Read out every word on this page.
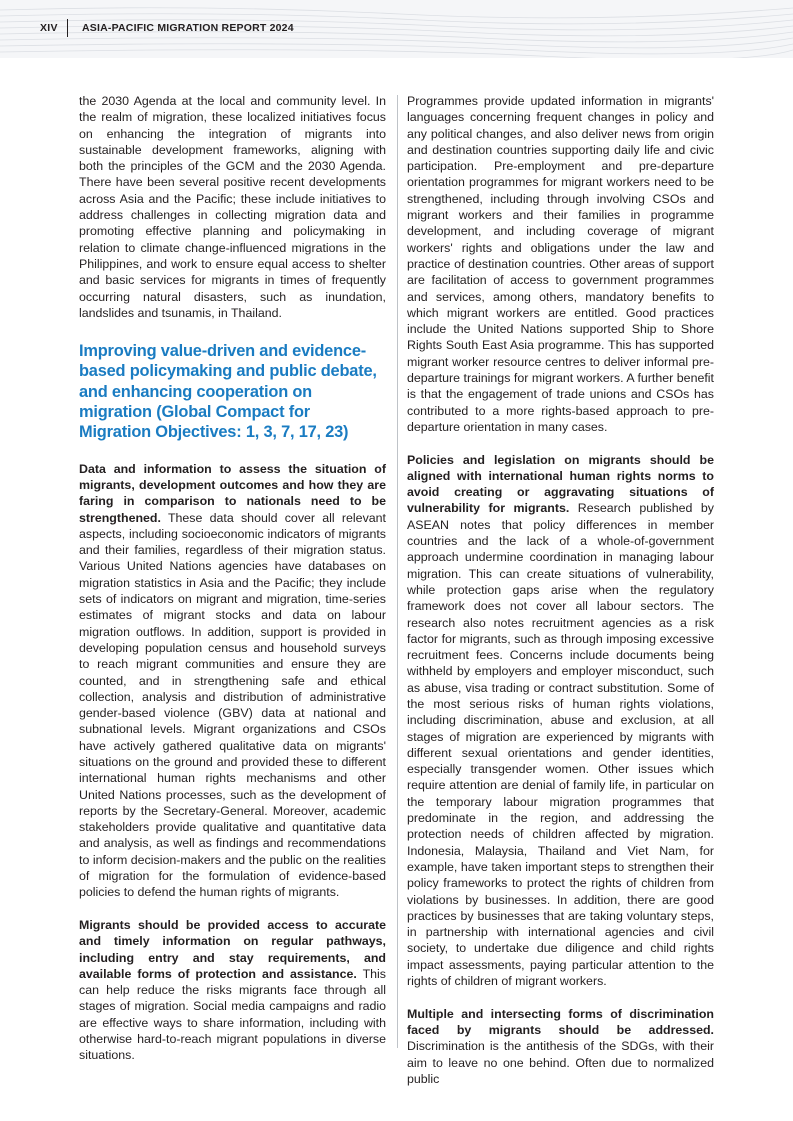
XIV ASIA-PACIFIC MIGRATION REPORT 2024

the 2030 Agenda at the local and community level. In the realm of migration, these localized initiatives focus on enhancing the integration of migrants into sustainable development frameworks, aligning with both the principles of the GCM and the 2030 Agenda. There have been several positive recent developments across Asia and the Pacific; these include initiatives to address challenges in collecting migration data and promoting effective planning and policymaking in relation to climate change-influenced migrations in the Philippines, and work to ensure equal access to shelter and basic services for migrants in times of frequently occurring natural disasters, such as inundation, landslides and tsunamis, in Thailand.

Improving value-driven and evidence-based policymaking and public debate, and enhancing cooperation on migration (Global Compact for Migration Objectives: 1, 3, 7, 17, 23)

Data and information to assess the situation of migrants, development outcomes and how they are faring in comparison to nationals need to be strengthened. These data should cover all relevant aspects, including socioeconomic indicators of migrants and their families, regardless of their migration status. Various United Nations agencies have databases on migration statistics in Asia and the Pacific; they include sets of indicators on migrant and migration, time-series estimates of migrant stocks and data on labour migration outflows. In addition, support is provided in developing population census and household surveys to reach migrant communities and ensure they are counted, and in strengthening safe and ethical collection, analysis and distribution of administrative gender-based violence (GBV) data at national and subnational levels. Migrant organizations and CSOs have actively gathered qualitative data on migrants' situations on the ground and provided these to different international human rights mechanisms and other United Nations processes, such as the development of reports by the Secretary-General. Moreover, academic stakeholders provide qualitative and quantitative data and analysis, as well as findings and recommendations to inform decision-makers and the public on the realities of migration for the formulation of evidence-based policies to defend the human rights of migrants.

Migrants should be provided access to accurate and timely information on regular pathways, including entry and stay requirements, and available forms of protection and assistance. This can help reduce the risks migrants face through all stages of migration. Social media campaigns and radio are effective ways to share information, including with otherwise hard-to-reach migrant populations in diverse situations.

Programmes provide updated information in migrants' languages concerning frequent changes in policy and any political changes, and also deliver news from origin and destination countries supporting daily life and civic participation. Pre-employment and pre-departure orientation programmes for migrant workers need to be strengthened, including through involving CSOs and migrant workers and their families in programme development, and including coverage of migrant workers' rights and obligations under the law and practice of destination countries. Other areas of support are facilitation of access to government programmes and services, among others, mandatory benefits to which migrant workers are entitled. Good practices include the United Nations supported Ship to Shore Rights South East Asia programme. This has supported migrant worker resource centres to deliver informal pre-departure trainings for migrant workers. A further benefit is that the engagement of trade unions and CSOs has contributed to a more rights-based approach to pre-departure orientation in many cases.

Policies and legislation on migrants should be aligned with international human rights norms to avoid creating or aggravating situations of vulnerability for migrants. Research published by ASEAN notes that policy differences in member countries and the lack of a whole-of-government approach undermine coordination in managing labour migration. This can create situations of vulnerability, while protection gaps arise when the regulatory framework does not cover all labour sectors. The research also notes recruitment agencies as a risk factor for migrants, such as through imposing excessive recruitment fees. Concerns include documents being withheld by employers and employer misconduct, such as abuse, visa trading or contract substitution. Some of the most serious risks of human rights violations, including discrimination, abuse and exclusion, at all stages of migration are experienced by migrants with different sexual orientations and gender identities, especially transgender women. Other issues which require attention are denial of family life, in particular on the temporary labour migration programmes that predominate in the region, and addressing the protection needs of children affected by migration. Indonesia, Malaysia, Thailand and Viet Nam, for example, have taken important steps to strengthen their policy frameworks to protect the rights of children from violations by businesses. In addition, there are good practices by businesses that are taking voluntary steps, in partnership with international agencies and civil society, to undertake due diligence and child rights impact assessments, paying particular attention to the rights of children of migrant workers.

Multiple and intersecting forms of discrimination faced by migrants should be addressed. Discrimination is the antithesis of the SDGs, with their aim to leave no one behind. Often due to normalized public
